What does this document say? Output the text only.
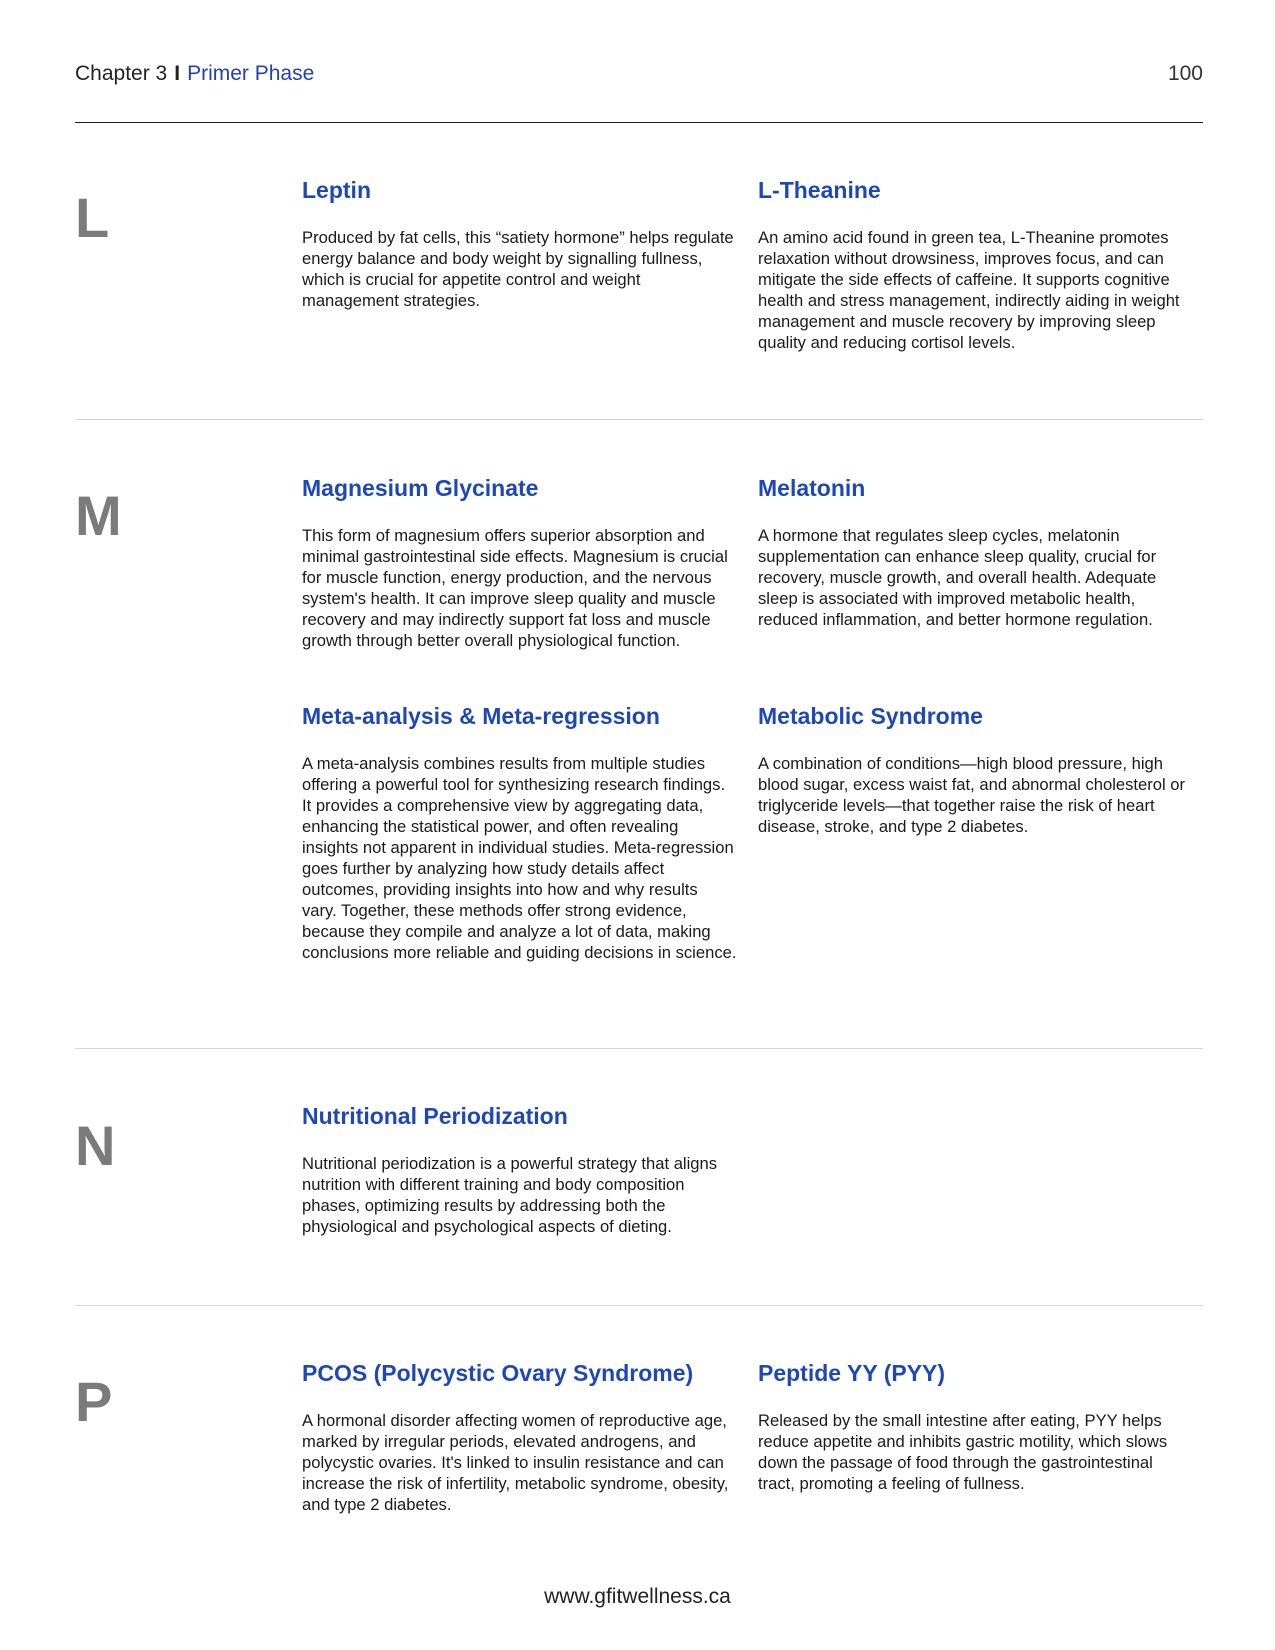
Chapter 3 I Primer Phase	100
L	Leptin

Produced by fat cells, this “satiety hormone” helps regulate energy balance and body weight by signalling fullness, which is crucial for appetite control and weight management strategies.

L-Theanine

An amino acid found in green tea, L-Theanine promotes relaxation without drowsiness, improves focus, and can mitigate the side effects of caffeine. It supports cognitive health and stress management, indirectly aiding in weight management and muscle recovery by improving sleep quality and reducing cortisol levels.

M	Magnesium Glycinate

This form of magnesium offers superior absorption and minimal gastrointestinal side effects. Magnesium is crucial for muscle function, energy production, and the nervous system's health. It can improve sleep quality and muscle recovery and may indirectly support fat loss and muscle growth through better overall physiological function.

Melatonin

A hormone that regulates sleep cycles, melatonin supplementation can enhance sleep quality, crucial for recovery, muscle growth, and overall health. Adequate sleep is associated with improved metabolic health, reduced inflammation, and better hormone regulation.

Meta-analysis & Meta-regression

A meta-analysis combines results from multiple studies offering a powerful tool for synthesizing research findings. It provides a comprehensive view by aggregating data, enhancing the statistical power, and often revealing insights not apparent in individual studies. Meta-regression goes further by analyzing how study details affect outcomes, providing insights into how and why results vary. Together, these methods offer strong evidence, because they compile and analyze a lot of data, making conclusions more reliable and guiding decisions in science.

Metabolic Syndrome

A combination of conditions—high blood pressure, high blood sugar, excess waist fat, and abnormal cholesterol or triglyceride levels—that together raise the risk of heart disease, stroke, and type 2 diabetes.

N	Nutritional Periodization

Nutritional periodization is a powerful strategy that aligns nutrition with different training and body composition phases, optimizing results by addressing both the physiological and psychological aspects of dieting.

P	PCOS (Polycystic Ovary Syndrome)

A hormonal disorder affecting women of reproductive age, marked by irregular periods, elevated androgens, and polycystic ovaries. It's linked to insulin resistance and can increase the risk of infertility, metabolic syndrome, obesity, and type 2 diabetes.

Peptide YY (PYY)

Released by the small intestine after eating, PYY helps reduce appetite and inhibits gastric motility, which slows down the passage of food through the gastrointestinal tract, promoting a feeling of fullness.

www.gfitwellness.ca
